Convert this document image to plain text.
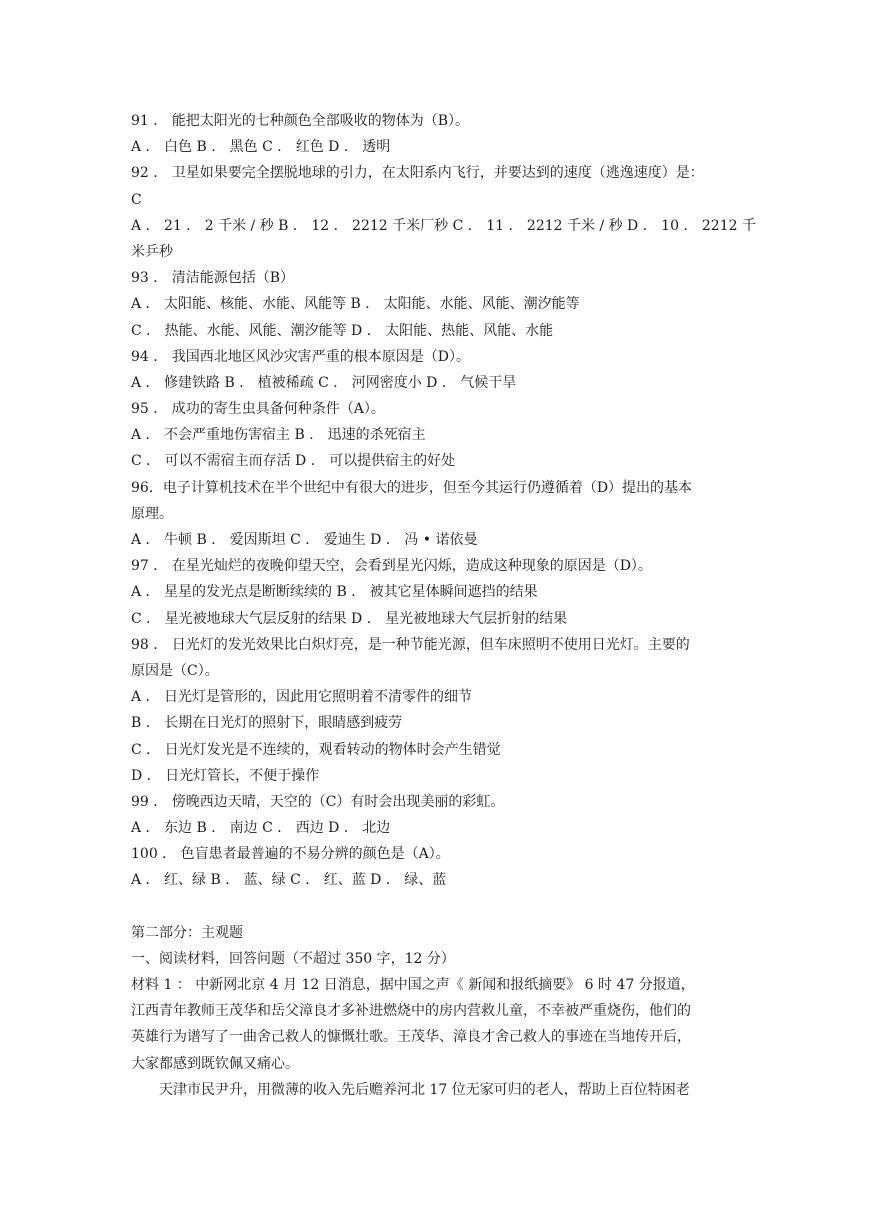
91 ． 能把太阳光的七种颜色全部吸收的物体为（B）。
A ． 白色 B ． 黑色 C ． 红色 D ． 透明
92 ． 卫星如果要完全摆脱地球的引力，在太阳系内飞行，并要达到的速度（逃逸速度）是：
C
A ． 21 ． 2 千米 / 秒 B ． 12 ． 2212 千米厂秒 C ． 11 ． 2212 千米 / 秒 D ． 10 ． 2212 千
米乒秒
93 ． 清洁能源包括（B）
A ． 太阳能、核能、水能、风能等 B ． 太阳能、水能、风能、潮汐能等
C ． 热能、水能、风能、潮汐能等 D ． 太阳能、热能、风能、水能
94 ． 我国西北地区风沙灾害严重的根本原因是（D）。
A ． 修建铁路 B ． 植被稀疏 C ． 河网密度小 D ． 气候干旱
95 ． 成功的寄生虫具备何种条件（A）。
A ． 不会严重地伤害宿主 B ． 迅速的杀死宿主
C ． 可以不需宿主而存活 D ． 可以提供宿主的好处
96．电子计算机技术在半个世纪中有很大的进步，但至今其运行仍遵循着（D）提出的基本
原理。
A ． 牛顿 B ． 爱因斯坦 C ． 爱迪生 D ． 冯 • 诺依曼
97 ． 在星光灿烂的夜晚仰望天空，会看到星光闪烁，造成这种现象的原因是（D）。
A ． 星星的发光点是断断续续的 B ． 被其它星体瞬间遮挡的结果
C ． 星光被地球大气层反射的结果 D ． 星光被地球大气层折射的结果
98 ． 日光灯的发光效果比白炽灯亮，是一种节能光源，但车床照明不使用日光灯。主要的
原因是（C）。
A ． 日光灯是管形的，因此用它照明着不清零件的细节
B ． 长期在日光灯的照射下，眼睛感到疲劳
C ． 日光灯发光是不连续的，观看转动的物体时会产生错觉
D ． 日光灯管长，不便于操作
99 ． 傍晚西边天晴，天空的（C）有时会出现美丽的彩虹。
A ． 东边 B ． 南边 C ． 西边 D ． 北边
100 ． 色盲患者最普遍的不易分辨的颜色是（A）。
A ． 红、绿 B ． 蓝、绿 C ． 红、蓝 D ． 绿、蓝
第二部分：主观题
一、阅读材料，回答问题（不超过 350 字，12 分）
材料 1 ： 中新网北京 4 月 12 日消息，据中国之声《 新闻和报纸摘要》 6 时 47 分报道，
江西青年教师王茂华和岳父漳良才多补进燃烧中的房内营救儿童，不幸被严重烧伤，他们的
英雄行为谱写了一曲舍己救人的慷慨壮歌。王茂华、漳良才舍己救人的事迹在当地传开后，
大家都感到既钦佩又痛心。
天津市民尹升，用微薄的收入先后赡养河北 17 位无家可归的老人，帮助上百位特困老
